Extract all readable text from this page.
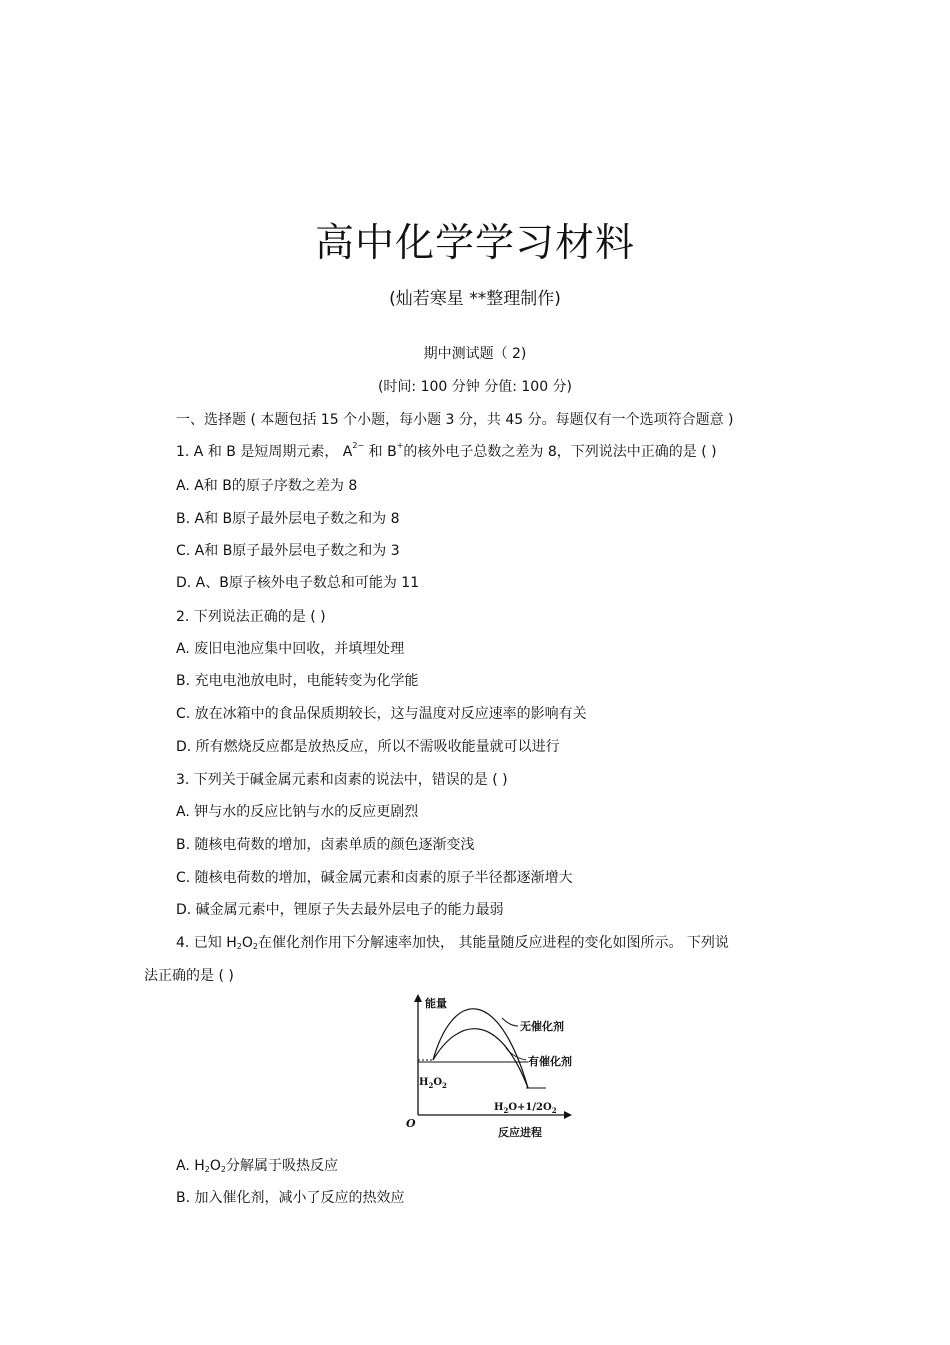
高中化学学习材料
(灿若寒星 **整理制作)
期中测试题（ 2)
(时间: 100 分钟 分值: 100 分)
一、选择题 ( 本题包括 15 个小题，每小题 3 分，共 45 分。每题仅有一个选项符合题意 )
1. A 和 B 是短周期元素， $A^{2-}$ 和 B+的核外电子总数之差为 8，下列说法中正确的是 ( )
A. A和 B的原子序数之差为 8
B. A和 B原子最外层电子数之和为 8
C. A和 B原子最外层电子数之和为 3
D. A、B原子核外电子数总和可能为 11
2. 下列说法正确的是 ( )
A. 废旧电池应集中回收，并填埋处理
B. 充电电池放电时，电能转变为化学能
C. 放在冰箱中的食品保质期较长，这与温度对反应速率的影响有关
D. 所有燃烧反应都是放热反应，所以不需吸收能量就可以进行
3. 下列关于碱金属元素和卤素的说法中，错误的是 ( )
A. 钾与水的反应比钠与水的反应更剧烈
B. 随核电荷数的增加，卤素单质的颜色逐渐变浅
C. 随核电荷数的增加，碱金属元素和卤素的原子半径都逐渐增大
D. 碱金属元素中，锂原子失去最外层电子的能力最弱
4. 已知 $H_2O_2$在催化剂作用下分解速率加快， 其能量随反应进程的变化如图所示。 下列说
法正确的是 ( )
能量
反应进程
O
无催化剂
有催化剂
$H_2O_2$
$H_2O+1/2O_2$
A. $H_2O_2$分解属于吸热反应
B. 加入催化剂，减小了反应的热效应
